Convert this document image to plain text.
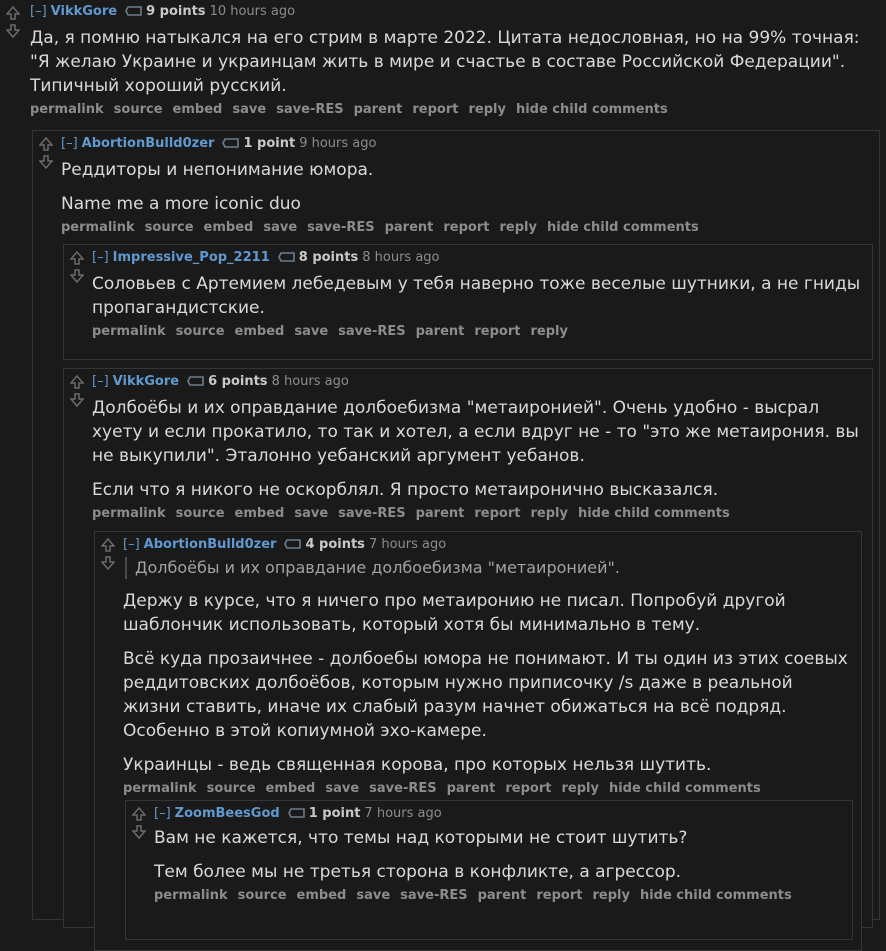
[–] VikkGore 9 points 10 hours ago

Да, я помню натыкался на его стрим в марте 2022. Цитата недословная, но на 99% точная: "Я желаю Украине и украинцам жить в мире и счастье в составе Российской Федерации". Типичный хороший русский.

permalink source embed save save-RES parent report reply hide child comments
[–] AbortionBulld0zer 1 point 9 hours ago

Реддиторы и непонимание юмора.

Name me a more iconic duo

permalink source embed save save-RES parent report reply hide child comments
[–] Impressive_Pop_2211 8 points 8 hours ago

Соловьев с Артемием лебедевым у тебя наверно тоже веселые шутники, а не гниды пропагандистские.

permalink source embed save save-RES parent report reply
[–] VikkGore 6 points 8 hours ago

Долбоёбы и их оправдание долбоебизма "метаиронией". Очень удобно - высрал хуету и если прокатило, то так и хотел, а если вдруг не - то "это же метаирония. вы не выкупили". Эталонно уебанский аргумент уебанов.

Если что я никого не оскорблял. Я просто метаиронично высказался.

permalink source embed save save-RES parent report reply hide child comments
[–] AbortionBulld0zer 4 points 7 hours ago
Долбоёбы и их оправдание долбоебизма "метаиронией".

Держу в курсе, что я ничего про метаиронию не писал. Попробуй другой шаблончик использовать, который хотя бы минимально в тему.

Всё куда прозаичнее - долбоебы юмора не понимают. И ты один из этих соевых реддитовских долбоёбов, которым нужно приписочку /s даже в реальной жизни ставить, иначе их слабый разум начнет обижаться на всё подряд. Особенно в этой копиумной эхо-камере.

Украинцы - ведь священная корова, про которых нельзя шутить.

permalink source embed save save-RES parent report reply hide child comments
[–] ZoomBeesGod 1 point 7 hours ago

Вам не кажется, что темы над которыми не стоит шутить?

Тем более мы не третья сторона в конфликте, а агрессор.

permalink source embed save save-RES parent report reply hide child comments
